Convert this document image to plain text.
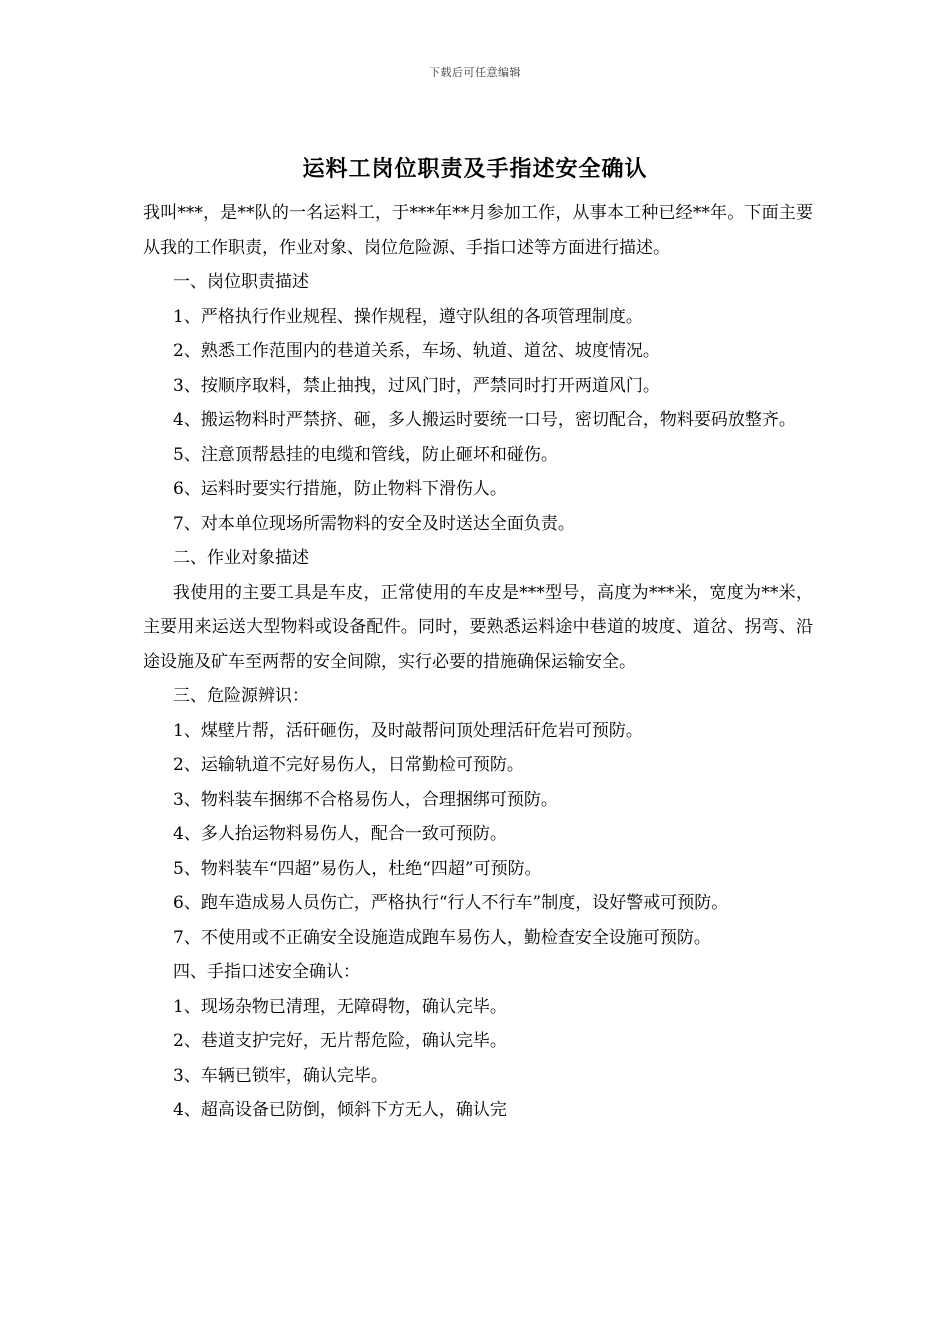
下载后可任意编辑
运料工岗位职责及手指述安全确认

我叫***，是**队的一名运料工，于***年**月参加工作，从事本工种已经**年。下面主要从我的工作职责，作业对象、岗位危险源、手指口述等方面进行描述。

一、岗位职责描述

1、严格执行作业规程、操作规程，遵守队组的各项管理制度。

2、熟悉工作范围内的巷道关系，车场、轨道、道岔、坡度情况。

3、按顺序取料，禁止抽拽，过风门时，严禁同时打开两道风门。

4、搬运物料时严禁挤、砸，多人搬运时要统一口号，密切配合，物料要码放整齐。

5、注意顶帮悬挂的电缆和管线，防止砸坏和碰伤。

6、运料时要实行措施，防止物料下滑伤人。

7、对本单位现场所需物料的安全及时送达全面负责。

二、作业对象描述

我使用的主要工具是车皮，正常使用的车皮是***型号，高度为***米，宽度为**米，主要用来运送大型物料或设备配件。同时，要熟悉运料途中巷道的坡度、道岔、拐弯、沿途设施及矿车至两帮的安全间隙，实行必要的措施确保运输安全。

三、危险源辨识：

1、煤壁片帮，活矸砸伤，及时敲帮问顶处理活矸危岩可预防。

2、运输轨道不完好易伤人，日常勤检可预防。

3、物料装车捆绑不合格易伤人，合理捆绑可预防。

4、多人抬运物料易伤人，配合一致可预防。

5、物料装车“四超”易伤人，杜绝“四超”可预防。

6、跑车造成易人员伤亡，严格执行“行人不行车”制度，设好警戒可预防。

7、不使用或不正确安全设施造成跑车易伤人，勤检查安全设施可预防。

四、手指口述安全确认：

1、现场杂物已清理，无障碍物，确认完毕。

2、巷道支护完好，无片帮危险，确认完毕。

3、车辆已锁牢，确认完毕。

4、超高设备已防倒，倾斜下方无人，确认完
